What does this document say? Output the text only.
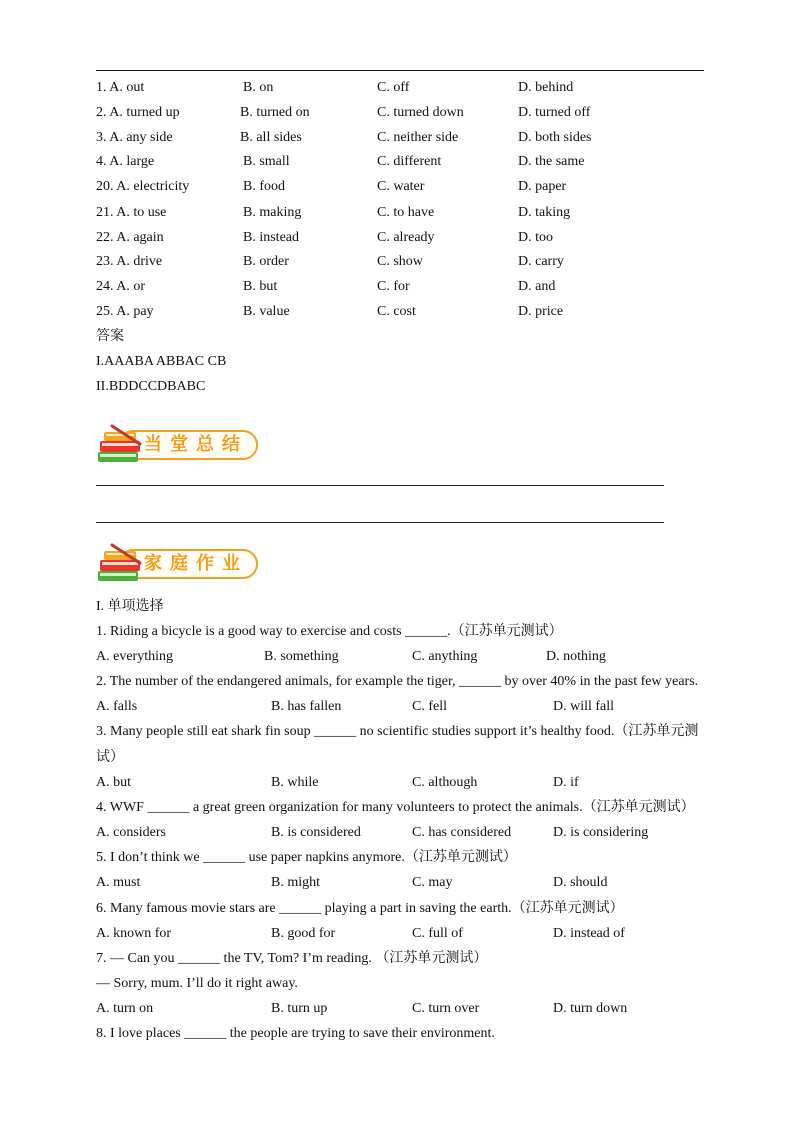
1. A. out	B. on	C. off	D. behind
2. A. turned up	B. turned on	C. turned down	D. turned off
3. A. any side	B. all sides	C. neither side	D. both sides
4. A. large	B. small	C. different	D. the same
20. A. electricity	B. food	C. water	D. paper
21. A. to use	B. making	C. to have	D. taking
22. A. again	B. instead	C. already	D. too
23. A. drive	B. order	C. show	D. carry
24. A. or	B. but	C. for	D. and
25. A. pay	B. value	C. cost	D. price
答案
I.AAABA ABBAC CB
II.BDDCCDBABC
当堂总结
家庭作业
I. 单项选择
1. Riding a bicycle is a good way to exercise and costs ______.（江苏单元测试）
A. everything	B. something	C. anything	D. nothing
2. The number of the endangered animals, for example the tiger, ______ by over 40% in the past few years.
A. falls	B. has fallen	C. fell	D. will fall
3. Many people still eat shark fin soup ______ no scientific studies support it’s healthy food.（江苏单元测
试）
A. but	B. while	C. although	D. if
4. WWF ______ a great green organization for many volunteers to protect the animals.（江苏单元测试）
A. considers	B. is considered	C. has considered	D. is considering
5. I don’t think we ______ use paper napkins anymore.（江苏单元测试）
A. must	B. might	C. may	D. should
6. Many famous movie stars are ______ playing a part in saving the earth.（江苏单元测试）
A. known for	B. good for	C. full of	D. instead of
7. — Can you ______ the TV, Tom? I’m reading. （江苏单元测试）
— Sorry, mum. I’ll do it right away.
A. turn on	B. turn up	C. turn over	D. turn down
8. I love places ______ the people are trying to save their environment.
